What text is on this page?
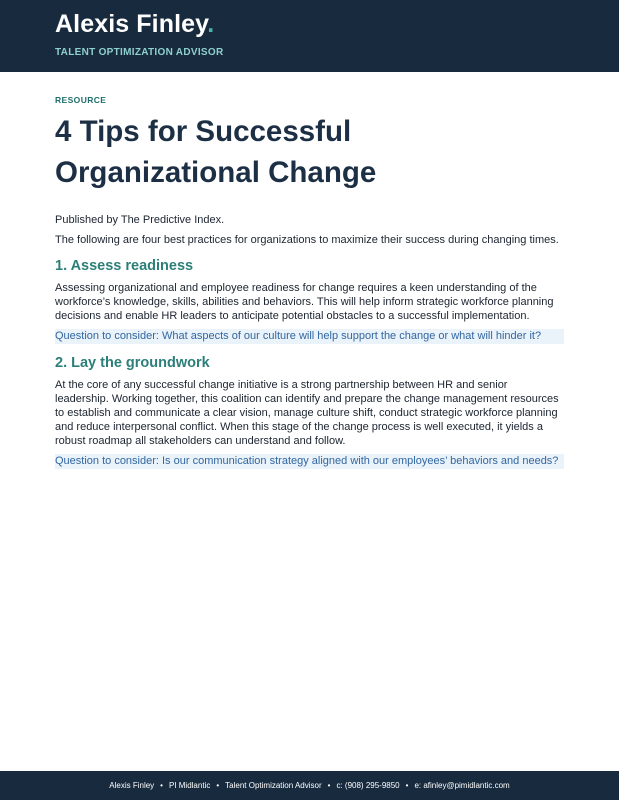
Alexis Finley.
TALENT OPTIMIZATION ADVISOR
RESOURCE
4 Tips for Successful
Organizational Change

Published by The Predictive Index.

The following are four best practices for organizations to maximize their success during changing times.

1. Assess readiness

Assessing organizational and employee readiness for change requires a keen understanding of the workforce’s knowledge, skills, abilities and behaviors. This will help inform strategic workforce planning decisions and enable HR leaders to anticipate potential obstacles to a successful implementation.

Question to consider: What aspects of our culture will help support the change or what will hinder it?
2. Lay the groundwork

At the core of any successful change initiative is a strong partnership between HR and senior leadership. Working together, this coalition can identify and prepare the change management resources to establish and communicate a clear vision, manage culture shift, conduct strategic workforce planning and reduce interpersonal conflict. When this stage of the change process is well executed, it yields a robust roadmap all stakeholders can understand and follow.

Question to consider: Is our communication strategy aligned with our employees’ behaviors and needs?
Alexis Finley • PI Midlantic • Talent Optimization Advisor • c: (908) 295-9850 • e: afinley@pimidlantic.com
